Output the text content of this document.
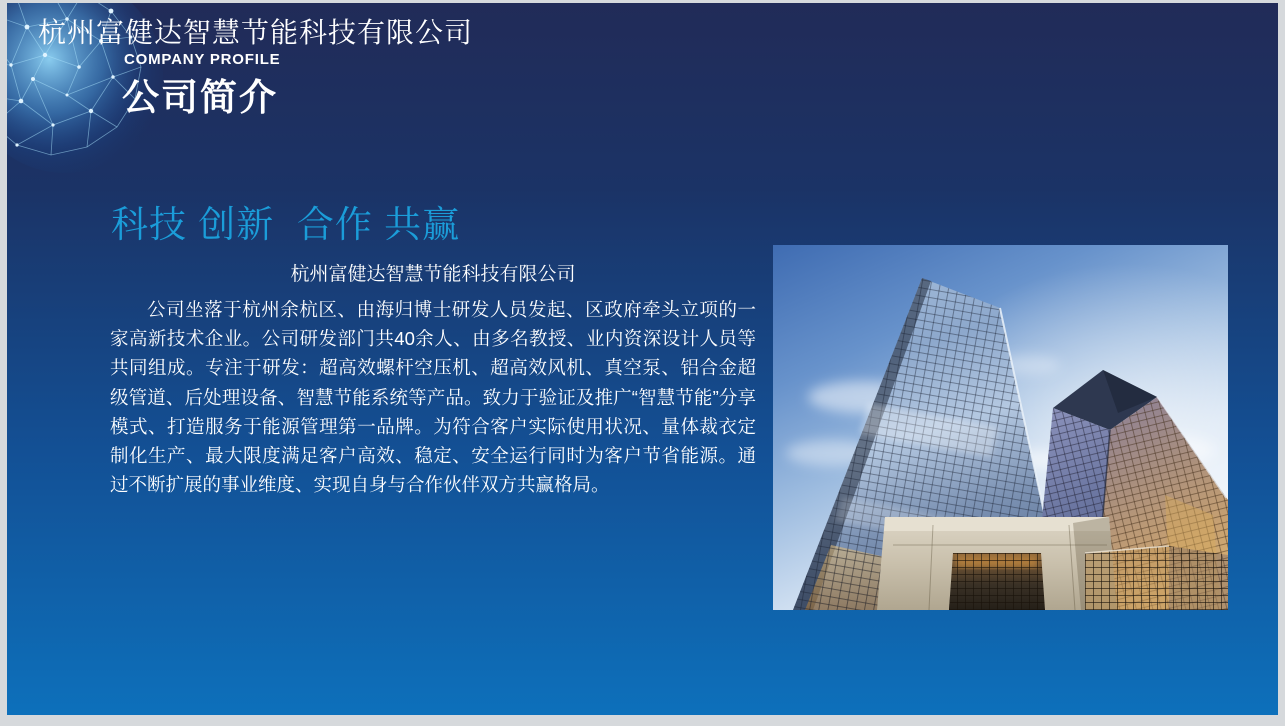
杭州富健达智慧节能科技有限公司
COMPANY PROFILE
公司简介
科技 创新  合作 共赢
杭州富健达智慧节能科技有限公司

公司坐落于杭州余杭区、由海归博士研发人员发起、区政府牵头立项的一家高新技术企业。公司研发部门共40余人、由多名教授、业内资深设计人员等共同组成。专注于研发：超高效螺杆空压机、超高效风机、真空泵、铝合金超级管道、后处理设备、智慧节能系统等产品。致力于验证及推广“智慧节能”分享模式、打造服务于能源管理第一品牌。为符合客户实际使用状况、量体裁衣定制化生产、最大限度满足客户高效、稳定、安全运行同时为客户节省能源。通过不断扩展的事业维度、实现自身与合作伙伴双方共赢格局。
